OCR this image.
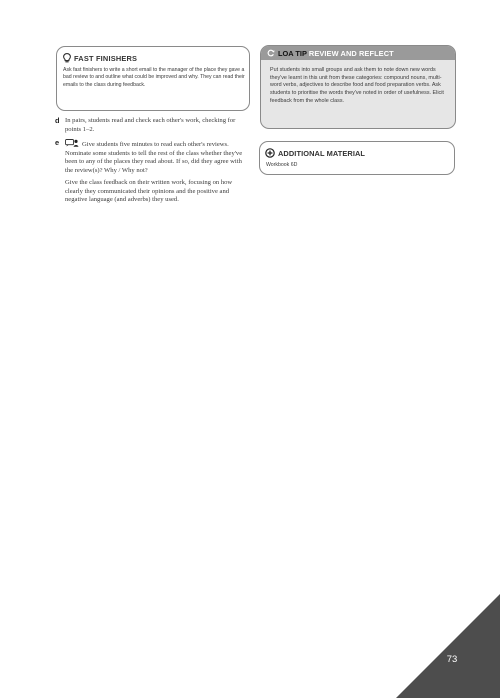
FAST FINISHERS
Ask fast finishers to write a short email to the manager of the place they gave a bad review to and outline what could be improved and why. They can read their emails to the class during feedback.
LOA TIP REVIEW AND REFLECT
Put students into small groups and ask them to note down new words they've learnt in this unit from these categories: compound nouns, multi-word verbs, adjectives to describe food and food preparation verbs. Ask students to prioritise the words they've noted in order of usefulness. Elicit feedback from the whole class.
ADDITIONAL MATERIAL
Workbook 6D
d In pairs, students read and check each other's work, checking for points 1–2.
e	Give students five minutes to read each other's reviews. Nominate some students to tell the rest of the class whether they've been to any of the places they read about. If so, did they agree with the review(s)? Why / Why not?
Give the class feedback on their written work, focusing on how clearly they communicated their opinions and the positive and negative language (and adverbs) they used.
73
